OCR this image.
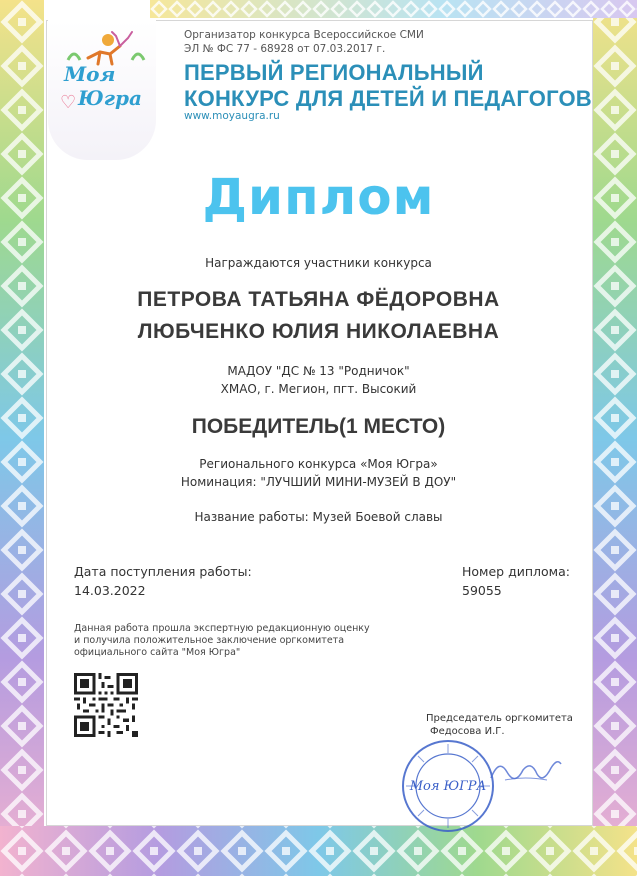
Моя
♡ Югра
Организатор конкурса Всероссийское СМИ
ЭЛ № ФС 77 - 68928 от 07.03.2017 г.
ПЕРВЫЙ РЕГИОНАЛЬНЫЙ
КОНКУРС ДЛЯ ДЕТЕЙ И ПЕДАГОГОВ
www.moyaugra.ru
Диплом
Награждаются участники конкурса
ПЕТРОВА ТАТЬЯНА ФЁДОРОВНА
ЛЮБЧЕНКО ЮЛИЯ НИКОЛАЕВНА
МАДОУ "ДС № 13 "Родничок"
ХМАО, г. Мегион, пгт. Высокий
ПОБЕДИТЕЛЬ(1 МЕСТО)
Регионального конкурса «Моя Югра»
Номинация: "ЛУЧШИЙ МИНИ-МУЗЕЙ В ДОУ"
Название работы: Музей Боевой славы
Дата поступления работы:
14.03.2022
Номер диплома:
59055
Данная работа прошла экспертную редакционную оценку
и получила положительное заключение оргкомитета
официального сайта "Моя Югра"
Председатель оргкомитета
Федосова И.Г.
Моя ЮГРА
